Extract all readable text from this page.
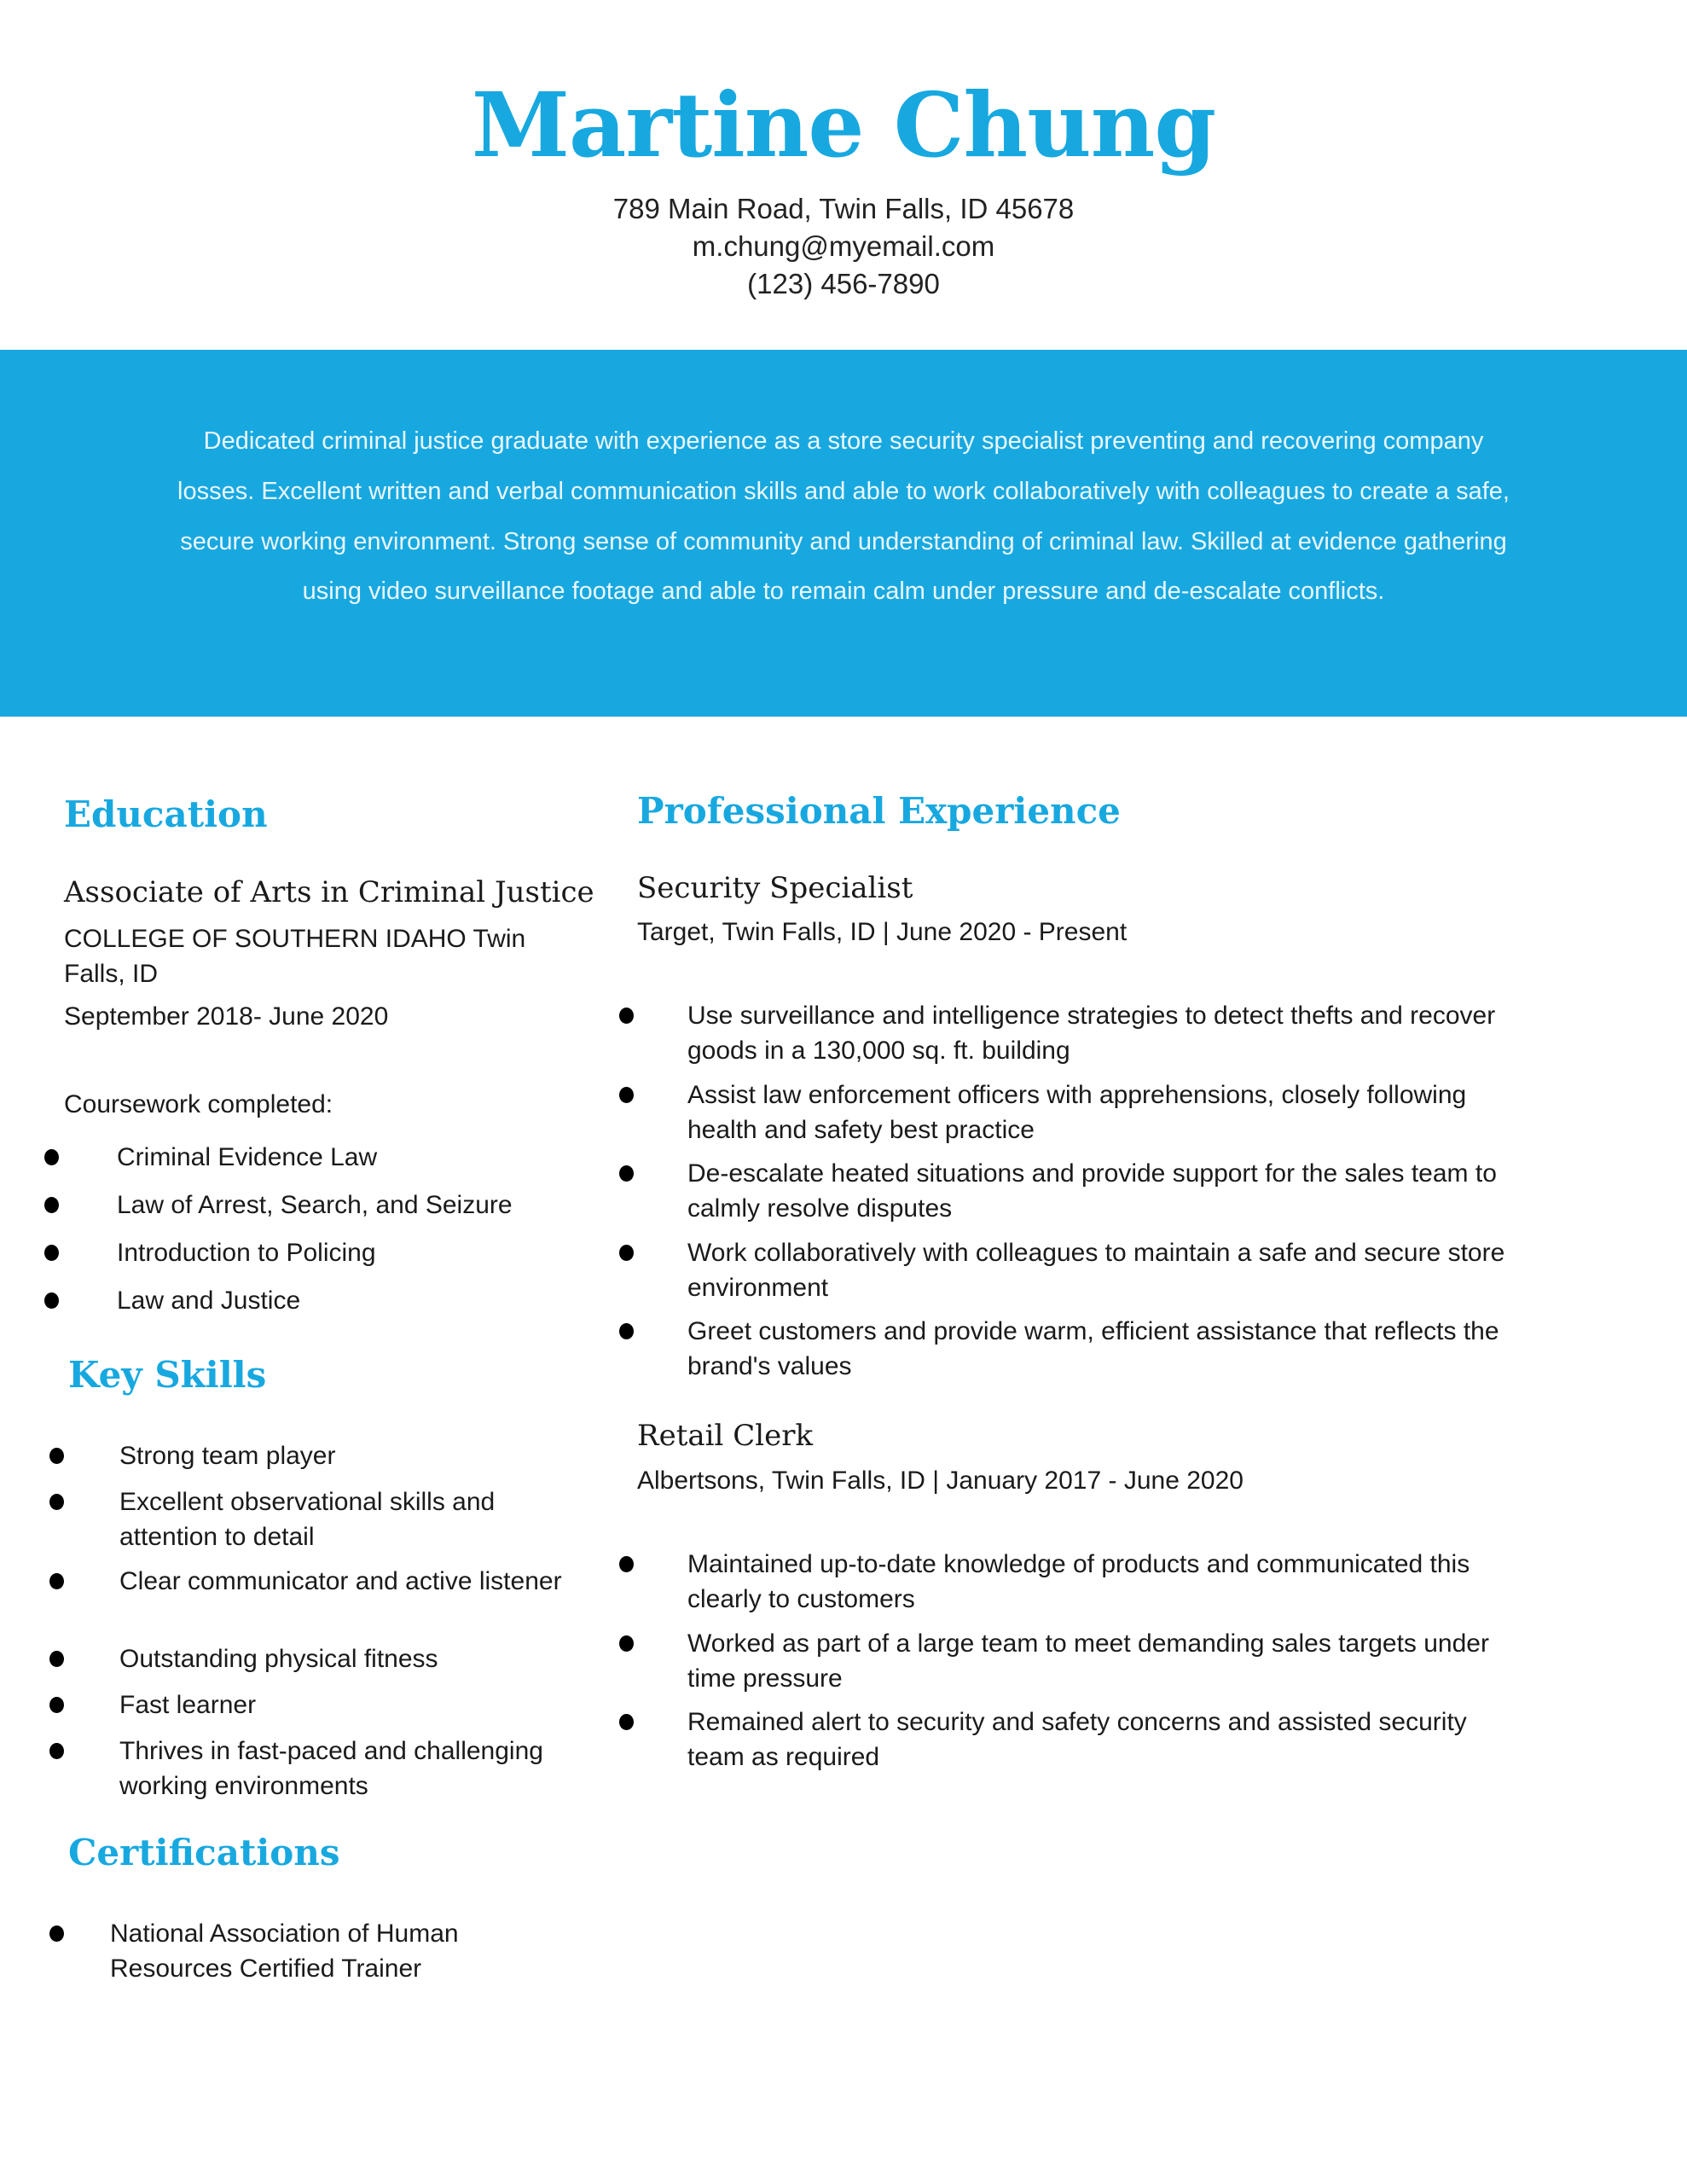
Martine Chung
789 Main Road, Twin Falls, ID 45678
m.chung@myemail.com
(123) 456-7890
Dedicated criminal justice graduate with experience as a store security specialist preventing and recovering company losses. Excellent written and verbal communication skills and able to work collaboratively with colleagues to create a safe, secure working environment. Strong sense of community and understanding of criminal law. Skilled at evidence gathering using video surveillance footage and able to remain calm under pressure and de-escalate conflicts.
Education
Associate of Arts in Criminal Justice
COLLEGE OF SOUTHERN IDAHO Twin Falls, ID
September 2018- June 2020
Coursework completed:
Criminal Evidence Law
Law of Arrest, Search, and Seizure
Introduction to Policing
Law and Justice
Key Skills
Strong team player
Excellent observational skills and attention to detail
Clear communicator and active listener
Outstanding physical fitness
Fast learner
Thrives in fast-paced and challenging working environments
Certifications
National Association of Human Resources Certified Trainer
Professional Experience
Security Specialist
Target, Twin Falls, ID | June 2020 - Present
Use surveillance and intelligence strategies to detect thefts and recover goods in a 130,000 sq. ft. building
Assist law enforcement officers with apprehensions, closely following health and safety best practice
De-escalate heated situations and provide support for the sales team to calmly resolve disputes
Work collaboratively with colleagues to maintain a safe and secure store environment
Greet customers and provide warm, efficient assistance that reflects the brand's values
Retail Clerk
Albertsons, Twin Falls, ID | January 2017 - June 2020
Maintained up-to-date knowledge of products and communicated this clearly to customers
Worked as part of a large team to meet demanding sales targets under time pressure
Remained alert to security and safety concerns and assisted security team as required
